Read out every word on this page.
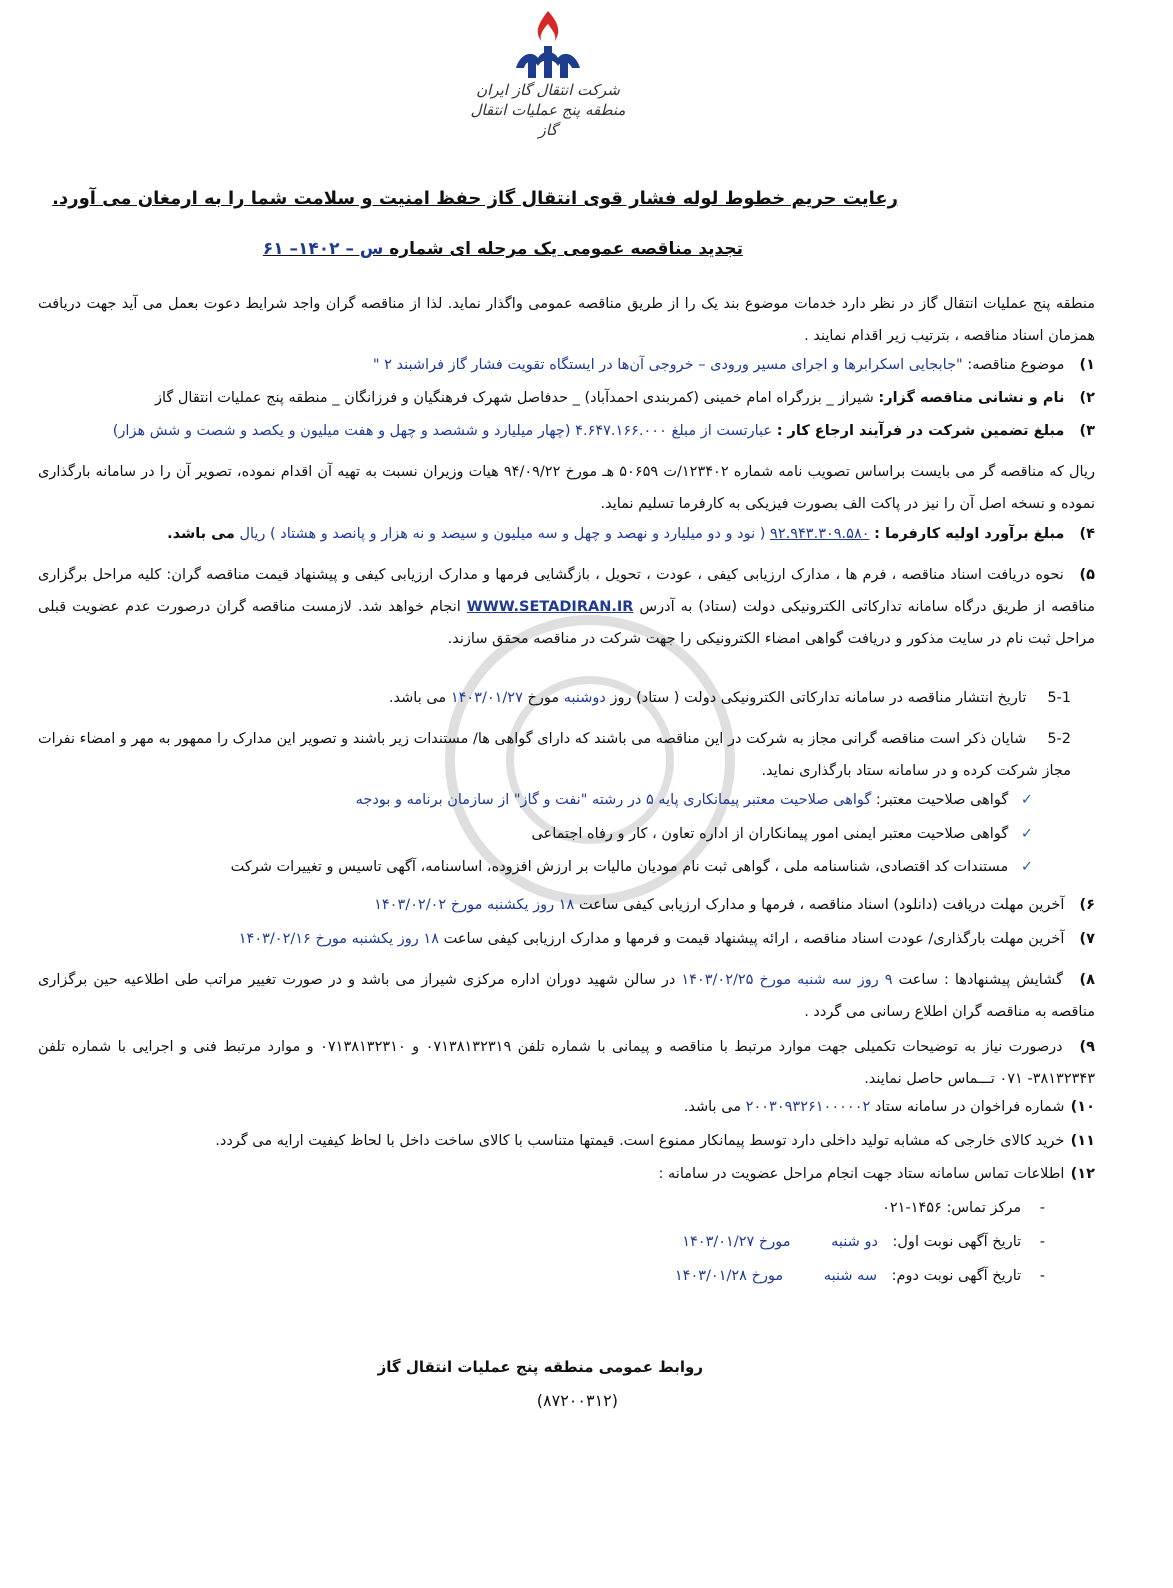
شرکت انتقال گاز ایران
منطقه پنج عملیات انتقال گاز
رعایت حریم خطوط لوله فشار قوی انتقال گاز حفظ امنیت و سلامت شما را به ارمغان می آورد.
تجدید مناقصه عمومی یک مرحله ای شماره س – ۱۴۰۲– ۶۱
منطقه پنج عملیات انتقال گاز در نظر دارد خدمات موضوع بند یک را از طریق مناقصه عمومی واگذار نماید. لذا از مناقصه گران واجد شرایط دعوت بعمل می آید جهت دریافت همزمان اسناد مناقصه ، بترتیب زیر اقدام نمایند .
۱) موضوع مناقصه: "جابجایی اسکرابرها و اجرای مسیر ورودی – خروجی آن‌ها در ایستگاه تقویت فشار گاز فراشبند ۲ "
۲) نام و نشانی مناقصه گزار: شیراز _ بزرگراه امام خمینی (کمربندی احمدآباد) _ حدفاصل شهرک فرهنگیان و فرزانگان _ منطقه پنج عملیات انتقال گاز
۳) مبلغ تضمین شرکت در فرآیند ارجاع کار : عبارتست از مبلغ ۴.۶۴۷.۱۶۶.۰۰۰ (چهار میلیارد و ششصد و چهل و هفت میلیون و یکصد و شصت و شش هزار)
ریال که مناقصه گر می بایست براساس تصویب نامه شماره ۱۲۳۴۰۲/ت ۵۰۶۵۹ هـ مورخ ۹۴/۰۹/۲۲ هیات وزیران نسبت به تهیه آن اقدام نموده، تصویر آن را در سامانه بارگذاری نموده و نسخه اصل آن را نیز در پاکت الف بصورت فیزیکی به کارفرما تسلیم نماید.
۴) مبلغ برآورد اولیه کارفرما : ۹۲.۹۴۳.۳۰۹.۵۸۰ ( نود و دو میلیارد و نهصد و چهل و سه میلیون و سیصد و نه هزار و پانصد و هشتاد ) ریال می باشد.
۵) نحوه دریافت اسناد مناقصه ، فرم ها ، مدارک ارزیابی کیفی ، عودت ، تحویل ، بازگشایی فرمها و مدارک ارزیابی کیفی و پیشنهاد قیمت مناقصه گران: کلیه مراحل برگزاری مناقصه از طریق درگاه سامانه تدارکاتی الکترونیکی دولت (ستاد) به آدرس WWW.SETADIRAN.IR انجام خواهد شد. لازمست مناقصه گران درصورت عدم عضویت قبلی مراحل ثبت نام در سایت مذکور و دریافت گواهی امضاء الکترونیکی را جهت شرکت در مناقصه محقق سازند.
5-1 تاریخ انتشار مناقصه در سامانه تدارکاتی الکترونیکی دولت ( ستاد) روز دوشنبه مورخ ۱۴۰۳/۰۱/۲۷ می باشد.
5-2 شایان ذکر است مناقصه گرانی مجاز به شرکت در این مناقصه می باشند که دارای گواهی ها/ مستندات زیر باشند و تصویر این مدارک را ممهور به مهر و امضاء نفرات مجاز شرکت کرده و در سامانه ستاد بارگذاری نماید.
✓ گواهی صلاحیت معتبر: گواهی صلاحیت معتبر پیمانکاری پایه ۵ در رشته "نفت و گاز" از سازمان برنامه و بودجه
✓ گواهی صلاحیت معتبر ایمنی امور پیمانکاران از اداره تعاون ، کار و رفاه اجتماعی
✓ مستندات کد اقتصادی، شناسنامه ملی ، گواهی ثبت نام مودیان مالیات بر ارزش افزوده، اساسنامه، آگهی تاسیس و تغییرات شرکت
۶) آخرین مهلت دریافت (دانلود) اسناد مناقصه ، فرمها و مدارک ارزیابی کیفی ساعت ۱۸ روز یکشنبه مورخ ۱۴۰۳/۰۲/۰۲
۷) آخرین مهلت بارگذاری/ عودت اسناد مناقصه ، ارائه پیشنهاد قیمت و فرمها و مدارک ارزیابی کیفی ساعت ۱۸ روز یکشنبه مورخ ۱۴۰۳/۰۲/۱۶
۸) گشایش پیشنهادها : ساعت ۹ روز سه شنبه مورخ ۱۴۰۳/۰۲/۲۵ در سالن شهید دوران اداره مرکزی شیراز می باشد و در صورت تغییر مراتب طی اطلاعیه حین برگزاری مناقصه به مناقصه گران اطلاع رسانی می گردد .
۹) درصورت نیاز به توضیحات تکمیلی جهت موارد مرتبط با مناقصه و پیمانی با شماره تلفن ۰۷۱۳۸۱۳۲۳۱۹ و ۰۷۱۳۸۱۳۲۳۱۰ و موارد مرتبط فنی و اجرایی با شماره تلفن ۳۸۱۳۲۳۴۳- ۰۷۱ تـــماس حاصل نمایند.
۱۰) شماره فراخوان در سامانه ستاد ۲۰۰۳۰۹۳۲۶۱۰۰۰۰۰۲ می باشد.
۱۱) خرید کالای خارجی که مشابه تولید داخلی دارد توسط پیمانکار ممنوع است. قیمتها متناسب با کالای ساخت داخل با لحاظ کیفیت ارایه می گردد.
۱۲) اطلاعات تماس سامانه ستاد جهت انجام مراحل عضویت در سامانه :
- مرکز تماس: ۱۴۵۶-۰۲۱
- تاریخ آگهی نوبت اول: دو شنبه مورخ ۱۴۰۳/۰۱/۲۷
- تاریخ آگهی نوبت دوم: سه شنبه مورخ ۱۴۰۳/۰۱/۲۸
روابط عمومی منطقه پنج عملیات انتقال گاز
(۸۷۲۰۰۳۱۲)
